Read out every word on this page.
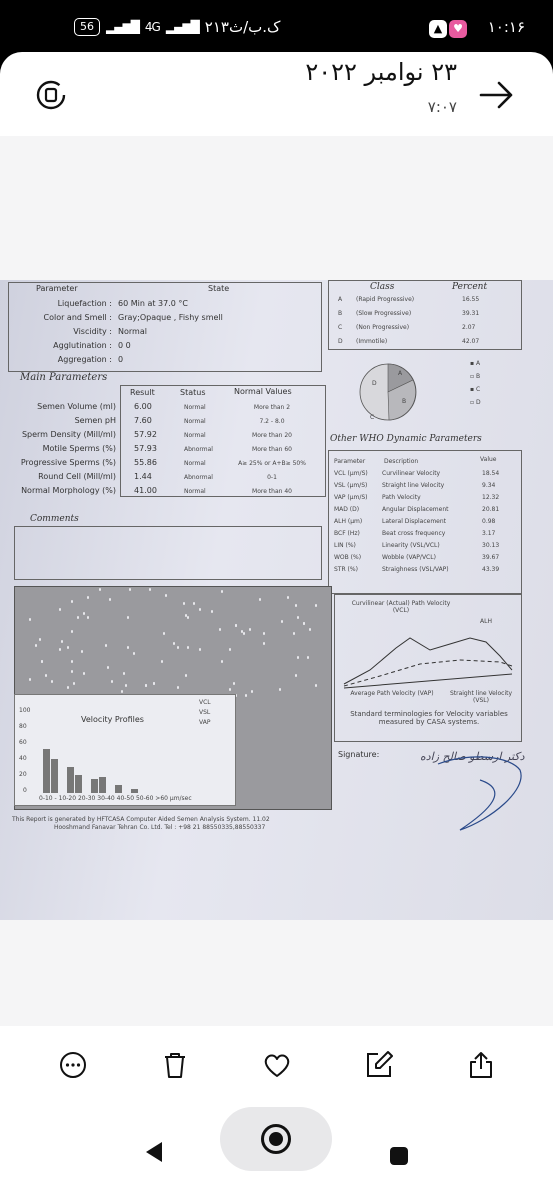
56	▂▄▆█ 4G ▂▄▆█ ۲۱۳ک.ب/ث	▲ ♥ ۱۰:۱۶
۲۳ نوامبر ۲۰۲۲
۷:۰۷
Parameter	State
Liquefaction : 60 Min at 37.0 °C
Color and Smell : Gray;Opaque , Fishy smell
Viscidity : Normal
Agglutination : 0 0
Aggregation : 0
Class	Percent
A (Rapid Progressive)	16.55
B (Slow Progressive)	39.31
C (Non Progressive)	2.07
D (Immotile)	42.07
D
A
B
C
▪ A
▫ B
▪ C
▫ D
Main Parameters
Result	Status	Normal Values
Semen Volume (ml) 6.00	Normal	More than 2
Semen pH 7.60	Normal	7.2 - 8.0
Sperm Density (Mill/ml) 57.92	Normal	More than 20
Motile Sperms (%) 57.93	Abnormal	More than 60
Progressive Sperms (%) 55.86	Normal	A≥ 25% or A+B≥ 50%
Round Cell (Mill/ml) 1.44	Abnormal	0-1
Normal Morphology (%) 41.00	Normal	More than 40
Other WHO Dynamic Parameters
Parameter	Description	Value
VCL (µm/S) Curvilinear Velocity	18.54
VSL (µm/S) Straight line Velocity	9.34
VAP (µm/S) Path Velocity	12.32
MAD (D)	Angular Displacement	20.81
ALH (µm)	Lateral Displacement	0.98
BCF (Hz)	Beat cross frequency	3.17
LIN (%)	Linearity (VSL/VCL)	30.13
WOB (%)	Wobble (VAP/VCL)	39.67
STR (%)	Straighness (VSL/VAP)	43.39
Comments
Velocity Profiles
VCL
VSL
VAP
100
80
60
40
20
0
0-10 - 10-20 20-30 30-40 40-50 50-60 >60 µm/sec
Curvilinear (Actual) Path Velocity (VCL)
ALH
Average Path Velocity (VAP)	Straight line Velocity (VSL)
Standard terminologies for Velocity variables measured by CASA systems.
Signature:	دکتر ارسطو صالح زاده
This Report is generated by HFTCASA Computer Aided Semen Analysis System. 11.02
Hooshmand Fanavar Tehran Co. Ltd. Tel : +98 21 88550335,88550337
